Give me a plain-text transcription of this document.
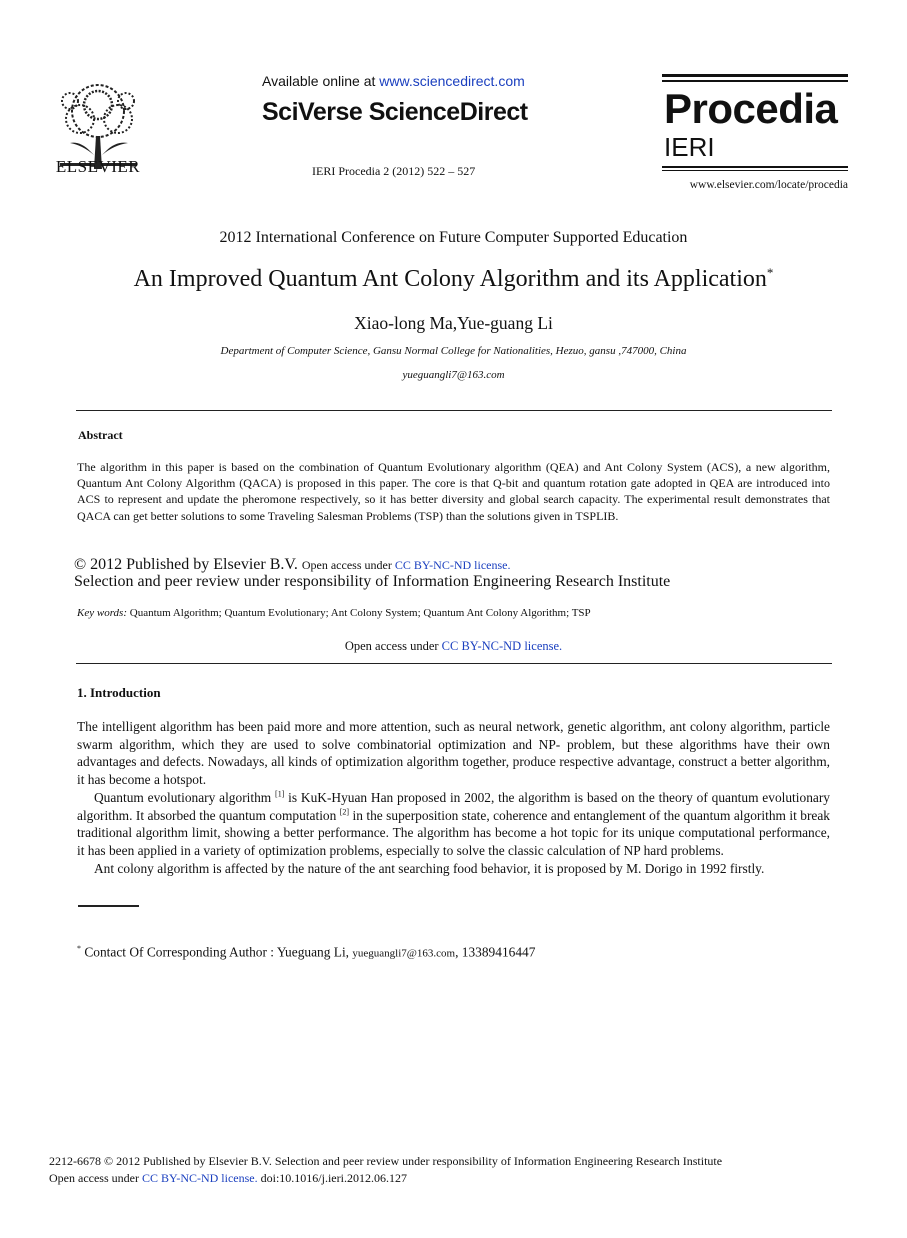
ELSEVIER
Available online at www.sciencedirect.com
SciVerse ScienceDirect
IERI Procedia 2 (2012) 522 – 527
Procedia
IERI
www.elsevier.com/locate/procedia
2012 International Conference on Future Computer Supported Education
An Improved Quantum Ant Colony Algorithm and its Application*
Xiao-long Ma,Yue-guang Li
Department of Computer Science, Gansu Normal College for Nationalities, Hezuo, gansu ,747000, China
yueguangli7@163.com
Abstract
The algorithm in this paper is based on the combination of Quantum Evolutionary algorithm (QEA) and Ant Colony System (ACS), a new algorithm, Quantum Ant Colony Algorithm (QACA) is proposed in this paper. The core is that Q-bit and quantum rotation gate adopted in QEA are introduced into ACS to represent and update the pheromone respectively, so it has better diversity and global search capacity. The experimental result demonstrates that QACA can get better solutions to some Traveling Salesman Problems (TSP) than the solutions given in TSPLIB.
© 2012 Published by Elsevier B.V. Open access under CC BY-NC-ND license.
Selection and peer review under responsibility of Information Engineering Research Institute
Key words: Quantum Algorithm; Quantum Evolutionary; Ant Colony System; Quantum Ant Colony Algorithm; TSP
Open access under CC BY-NC-ND license.
1. Introduction

The intelligent algorithm has been paid more and more attention, such as neural network, genetic algorithm, ant colony algorithm, particle swarm algorithm, which they are used to solve combinatorial optimization and NP- problem, but these algorithms have their own advantages and defects. Nowadays, all kinds of optimization algorithm together, produce respective advantage, construct a better algorithm, it has become a hotspot.

Quantum evolutionary algorithm [1] is KuK-Hyuan Han proposed in 2002, the algorithm is based on the theory of quantum evolutionary algorithm. It absorbed the quantum computation [2] in the superposition state, coherence and entanglement of the quantum algorithm it break traditional algorithm limit, showing a better performance. The algorithm has become a hot topic for its unique computational performance, it has been applied in a variety of optimization problems, especially to solve the classic calculation of NP hard problems.

Ant colony algorithm is affected by the nature of the ant searching food behavior, it is proposed by M. Dorigo in 1992 firstly.

* Contact Of Corresponding Author : Yueguang Li, yueguangli7@163.com, 13389416447
2212-6678 © 2012 Published by Elsevier B.V. Selection and peer review under responsibility of Information Engineering Research Institute
Open access under CC BY-NC-ND license. doi:10.1016/j.ieri.2012.06.127
